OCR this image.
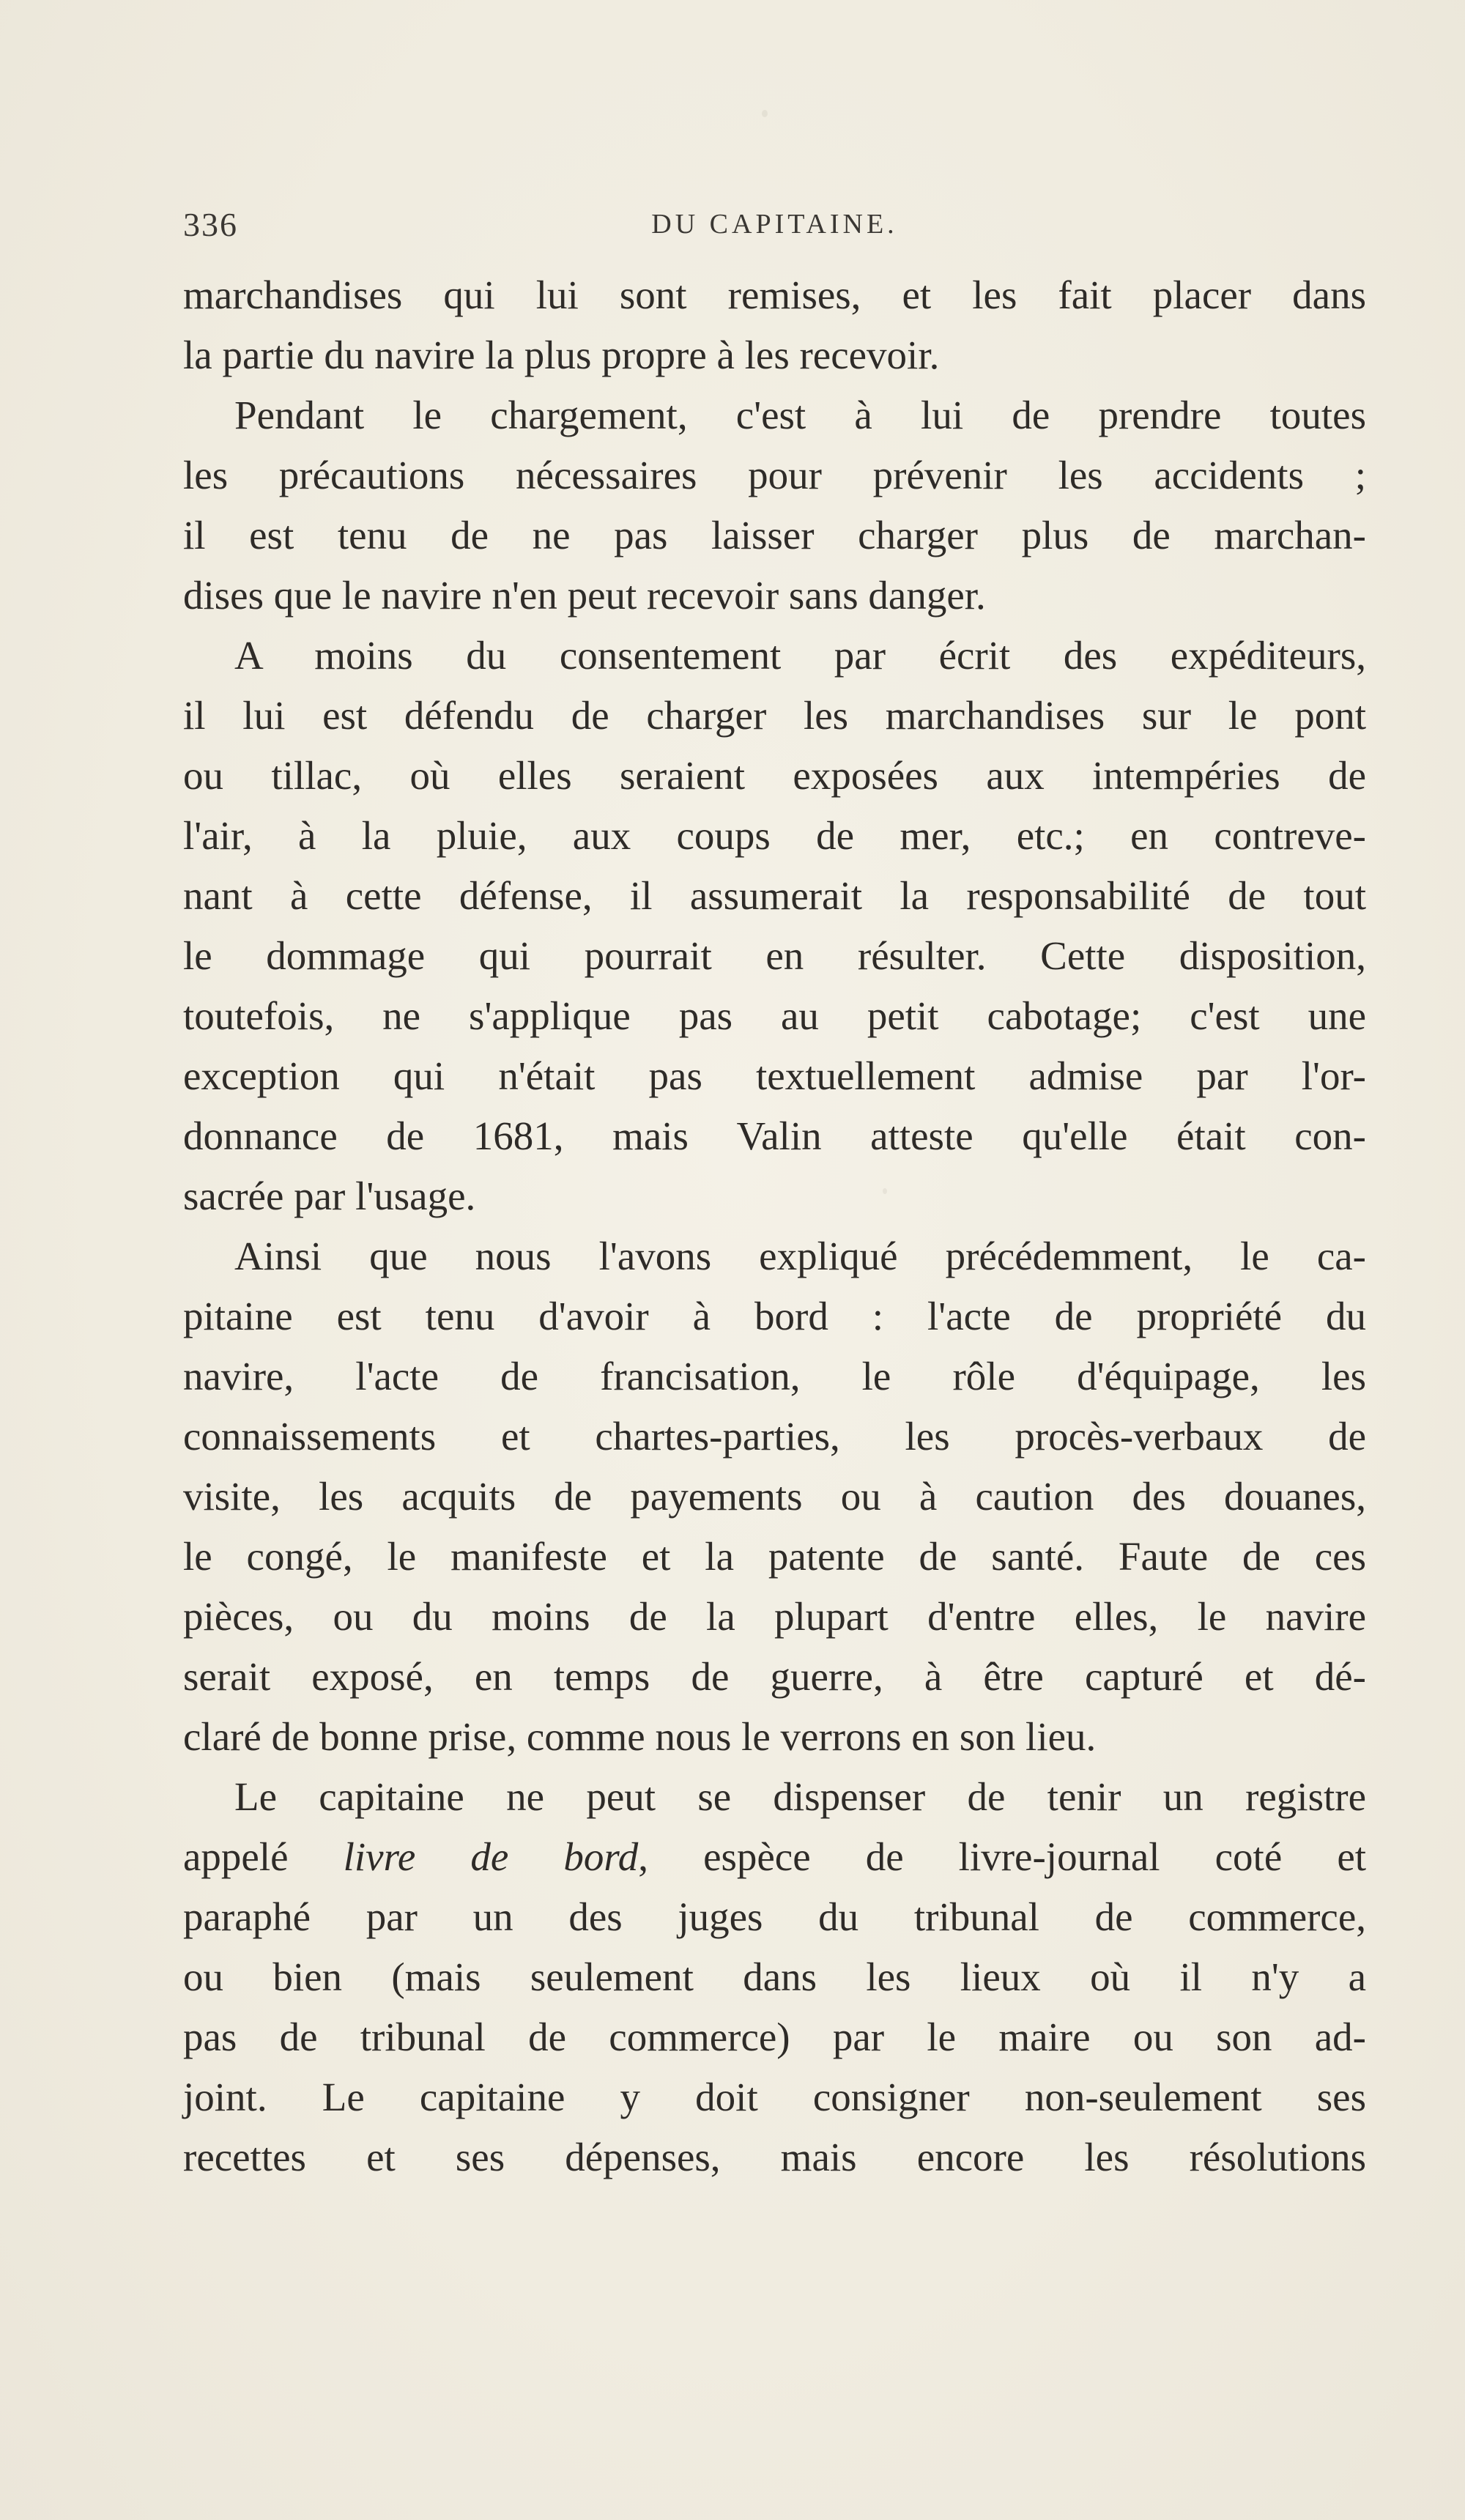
336	DU CAPITAINE.
marchandises qui lui sont remises, et les fait placer dans
la partie du navire la plus propre à les recevoir.
Pendant le chargement, c'est à lui de prendre toutes
les précautions nécessaires pour prévenir les accidents ;
il est tenu de ne pas laisser charger plus de marchan-
dises que le navire n'en peut recevoir sans danger.
A moins du consentement par écrit des expéditeurs,
il lui est défendu de charger les marchandises sur le pont
ou tillac, où elles seraient exposées aux intempéries de
l'air, à la pluie, aux coups de mer, etc.; en contreve-
nant à cette défense, il assumerait la responsabilité de tout
le dommage qui pourrait en résulter. Cette disposition,
toutefois, ne s'applique pas au petit cabotage; c'est une
exception qui n'était pas textuellement admise par l'or-
donnance de 1681, mais Valin atteste qu'elle était con-
sacrée par l'usage.
Ainsi que nous l'avons expliqué précédemment, le ca-
pitaine est tenu d'avoir à bord : l'acte de propriété du
navire, l'acte de francisation, le rôle d'équipage, les
connaissements et chartes-parties, les procès-verbaux de
visite, les acquits de payements ou à caution des douanes,
le congé, le manifeste et la patente de santé. Faute de ces
pièces, ou du moins de la plupart d'entre elles, le navire
serait exposé, en temps de guerre, à être capturé et dé-
claré de bonne prise, comme nous le verrons en son lieu.
Le capitaine ne peut se dispenser de tenir un registre
appelé livre de bord, espèce de livre-journal coté et
paraphé par un des juges du tribunal de commerce,
ou bien (mais seulement dans les lieux où il n'y a
pas de tribunal de commerce) par le maire ou son ad-
joint. Le capitaine y doit consigner non-seulement ses
recettes et ses dépenses, mais encore les résolutions
